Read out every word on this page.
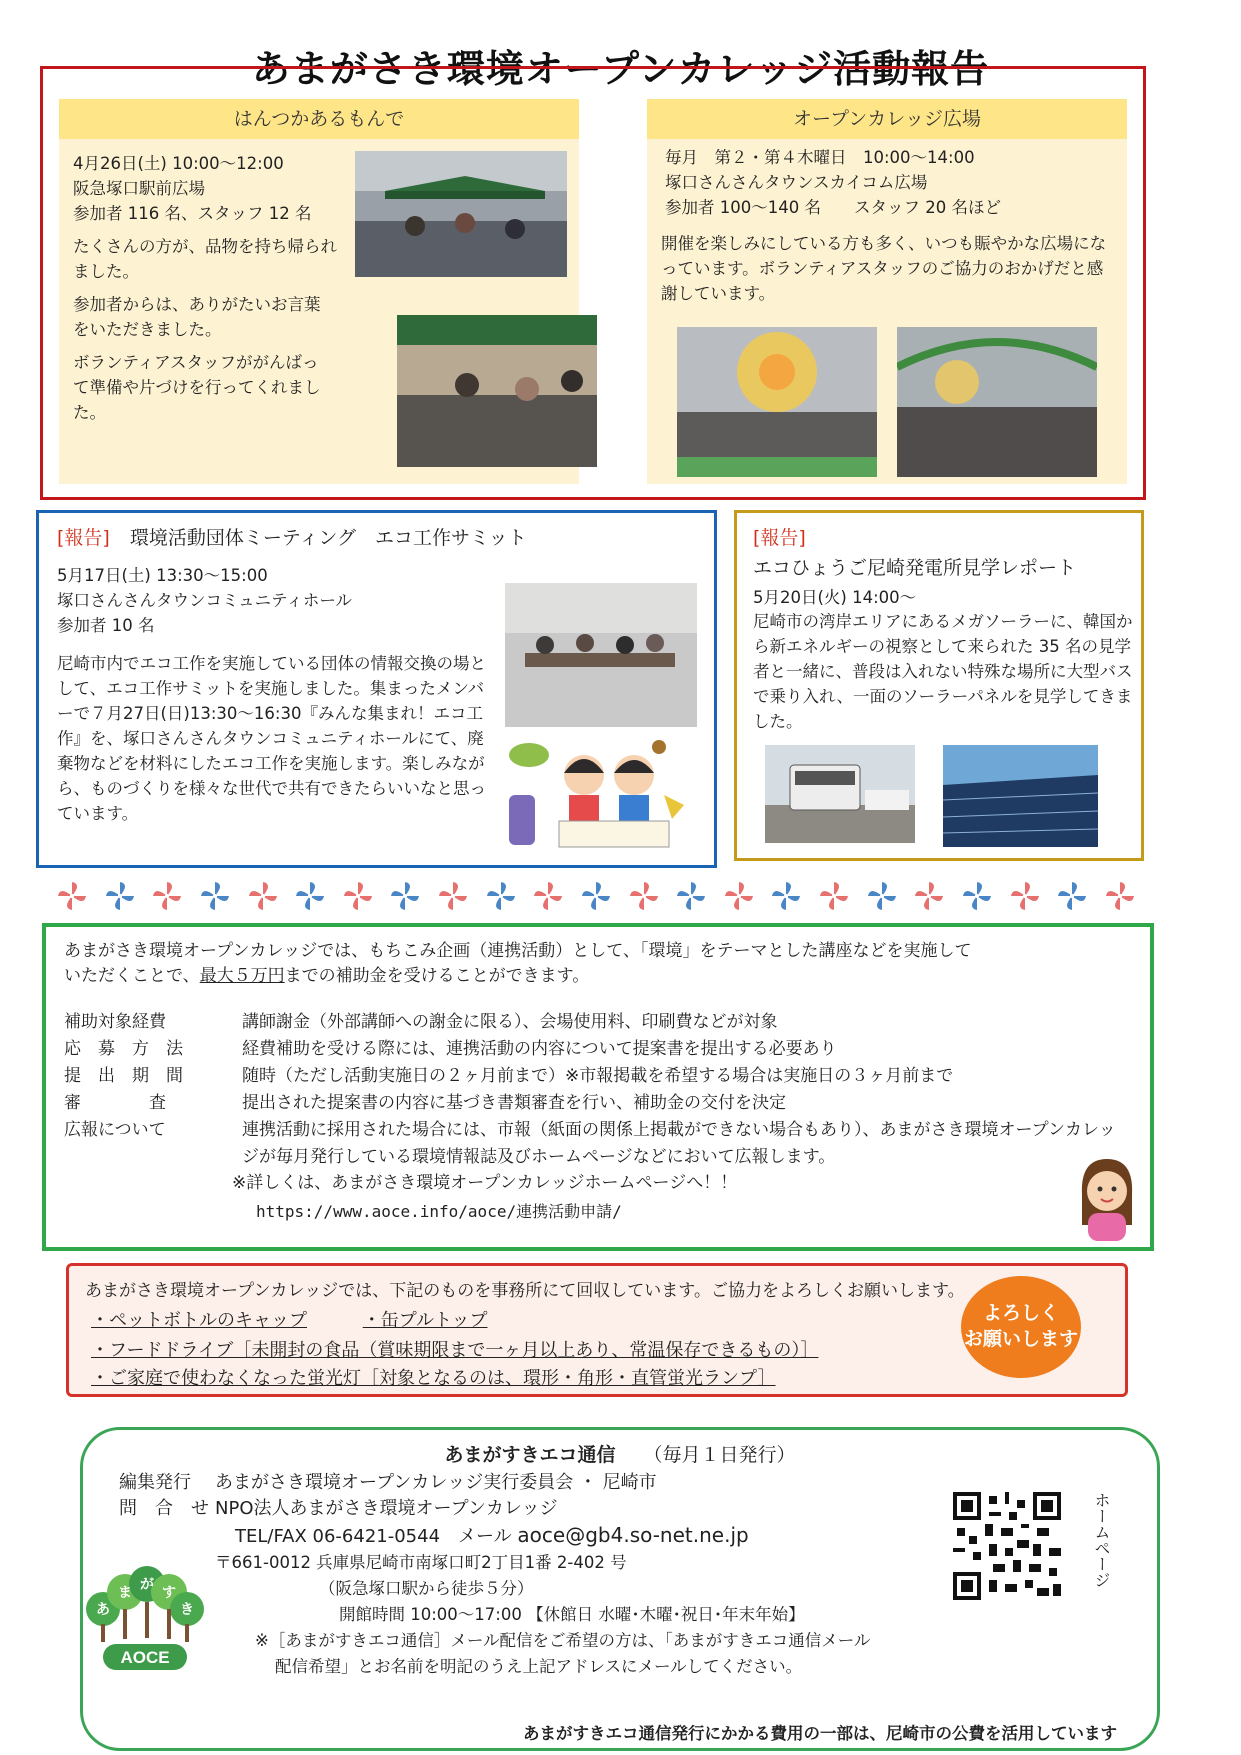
あまがさき環境オープンカレッジ活動報告
はんつかあるもんで
4月26日(土) 10:00～12:00
阪急塚口駅前広場
参加者 116 名、スタッフ 12 名
たくさんの方が、品物を持ち帰られました。
参加者からは、ありがたいお言葉をいただきました。
ボランティアスタッフががんばって準備や片づけを行ってくれました。
オープンカレッジ広場
毎月　第２・第４木曜日　10:00～14:00
塚口さんさんタウンスカイコム広場
参加者 100～140 名　　スタッフ 20 名ほど
開催を楽しみにしている方も多く、いつも賑やかな広場になっています。ボランティアスタッフのご協力のおかげだと感謝しています。
[報告] 環境活動団体ミーティング　エコ工作サミット
5月17日(土) 13:30～15:00
塚口さんさんタウンコミュニティホール
参加者 10 名
尼崎市内でエコ工作を実施している団体の情報交換の場として、エコ工作サミットを実施しました。集まったメンバーで７月27日(日)13:30～16:30『みんな集まれ！エコ工作』を、塚口さんさんタウンコミュニティホールにて、廃棄物などを材料にしたエコ工作を実施します。楽しみながら、ものづくりを様々な世代で共有できたらいいなと思っています。
[報告]
エコひょうご尼崎発電所見学レポート
5月20日(火) 14:00～
尼崎市の湾岸エリアにあるメガソーラーに、韓国から新エネルギーの視察として来られた 35 名の見学者と一緒に、普段は入れない特殊な場所に大型バスで乗り入れ、一面のソーラーパネルを見学してきました。
あまがさき環境オープンカレッジでは、もちこみ企画（連携活動）として、「環境」をテーマとした講座などを実施して
いただくことで、最大５万円までの補助金を受けることができます。
補助対象経費	講師謝金（外部講師への謝金に限る）、会場使用料、印刷費などが対象
応　募　方　法	経費補助を受ける際には、連携活動の内容について提案書を提出する必要あり
提　出　期　間	随時（ただし活動実施日の２ヶ月前まで）※市報掲載を希望する場合は実施日の３ヶ月前まで
審　　　　査	提出された提案書の内容に基づき書類審査を行い、補助金の交付を決定
広報について	連携活動に採用された場合には、市報（紙面の関係上掲載ができない場合もあり）、あまがさき環境オープンカレッジが毎月発行している環境情報誌及びホームページなどにおいて広報します。
※詳しくは、あまがさき環境オープンカレッジホームページへ！！
https://www.aoce.info/aoce/連携活動申請/
あまがさき環境オープンカレッジでは、下記のものを事務所にて回収しています。ご協力をよろしくお願いします。
・ペットボトルのキャップ	・缶プルトップ
・フードドライブ［未開封の食品（賞味期限まで一ヶ月以上あり、常温保存できるもの）］
・ご家庭で使わなくなった蛍光灯［対象となるのは、環形・角形・直管蛍光ランプ］
よろしく
お願いします
あまがすきエコ通信 （毎月１日発行）
編集発行	あまがさき環境オープンカレッジ実行委員会 ・ 尼崎市
問　合　せ NPO法人あまがさき環境オープンカレッジ
TEL/FAX 06-6421-0544　メール aoce@gb4.so-net.ne.jp
〒661-0012 兵庫県尼崎市南塚口町2丁目1番 2-402 号
（阪急塚口駅から徒歩５分）
開館時間 10:00～17:00 【休館日 水曜･木曜･祝日･年末年始】
※［あまがすきエコ通信］メール配信をご希望の方は、「あまがすきエコ通信メール
配信希望」とお名前を明記のうえ上記アドレスにメールしてください。
あ
ま が す
き
AOCE
ホームページ
あまがすきエコ通信発行にかかる費用の一部は、尼崎市の公費を活用しています
